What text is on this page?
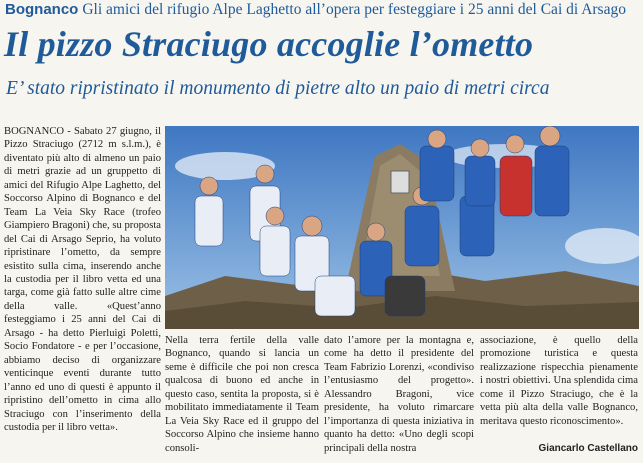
Bognanco Gli amici del rifugio Alpe Laghetto all’opera per festeggiare i 25 anni del Cai di Arsago
Il pizzo Straciugo accoglie l’ometto
E’ stato ripristinato il monumento di pietre alto un paio di metri circa
BOGNANCO - Sabato 27 giugno, il Pizzo Straciugo (2712 m s.l.m.), è diventato più alto di almeno un paio di metri grazie ad un gruppetto di amici del Rifugio Alpe Laghetto, del Soccorso Alpino di Bognanco e del Team La Veia Sky Race (trofeo Giampiero Bragoni) che, su proposta del Cai di Arsago Seprio, ha voluto ripristinare l’ometto, da sempre esistito sulla cima, inserendo anche la custodia per il libro vetta ed una targa, come già fatto sulle altre cime della valle. «Quest’anno festeggiamo i 25 anni del Cai di Arsago - ha detto Pierluigi Poletti, Socio Fondatore - e per l’occasione, abbiamo deciso di organizzare venticinque eventi durante tutto l’anno ed uno di questi è appunto il ripristino dell’ometto in cima allo Straciugo con l’inserimento della custodia per il libro vetta».
Nella terra fertile della valle Bognanco, quando si lancia un seme è difficile che poi non cresca qualcosa di buono ed anche in questo caso, sentita la proposta, si è mobilitato immediatamente il Team La Veia Sky Race ed il gruppo del Soccorso Alpino che insieme hanno consoli-
dato l’amore per la montagna e, come ha detto il presidente del Team Fabrizio Lorenzi, «condiviso l’entusiasmo del progetto». Alessandro Bragoni, vice presidente, ha voluto rimarcare l’importanza di questa iniziativa in quanto ha detto: «Uno degli scopi principali della nostra
associazione, è quello della promozione turistica e questa realizzazione rispecchia pienamente i nostri obiettivi. Una splendida cima come il Pizzo Straciugo, che è la vetta più alta della valle Bognanco, meritava questo riconoscimento».
Giancarlo Castellano
